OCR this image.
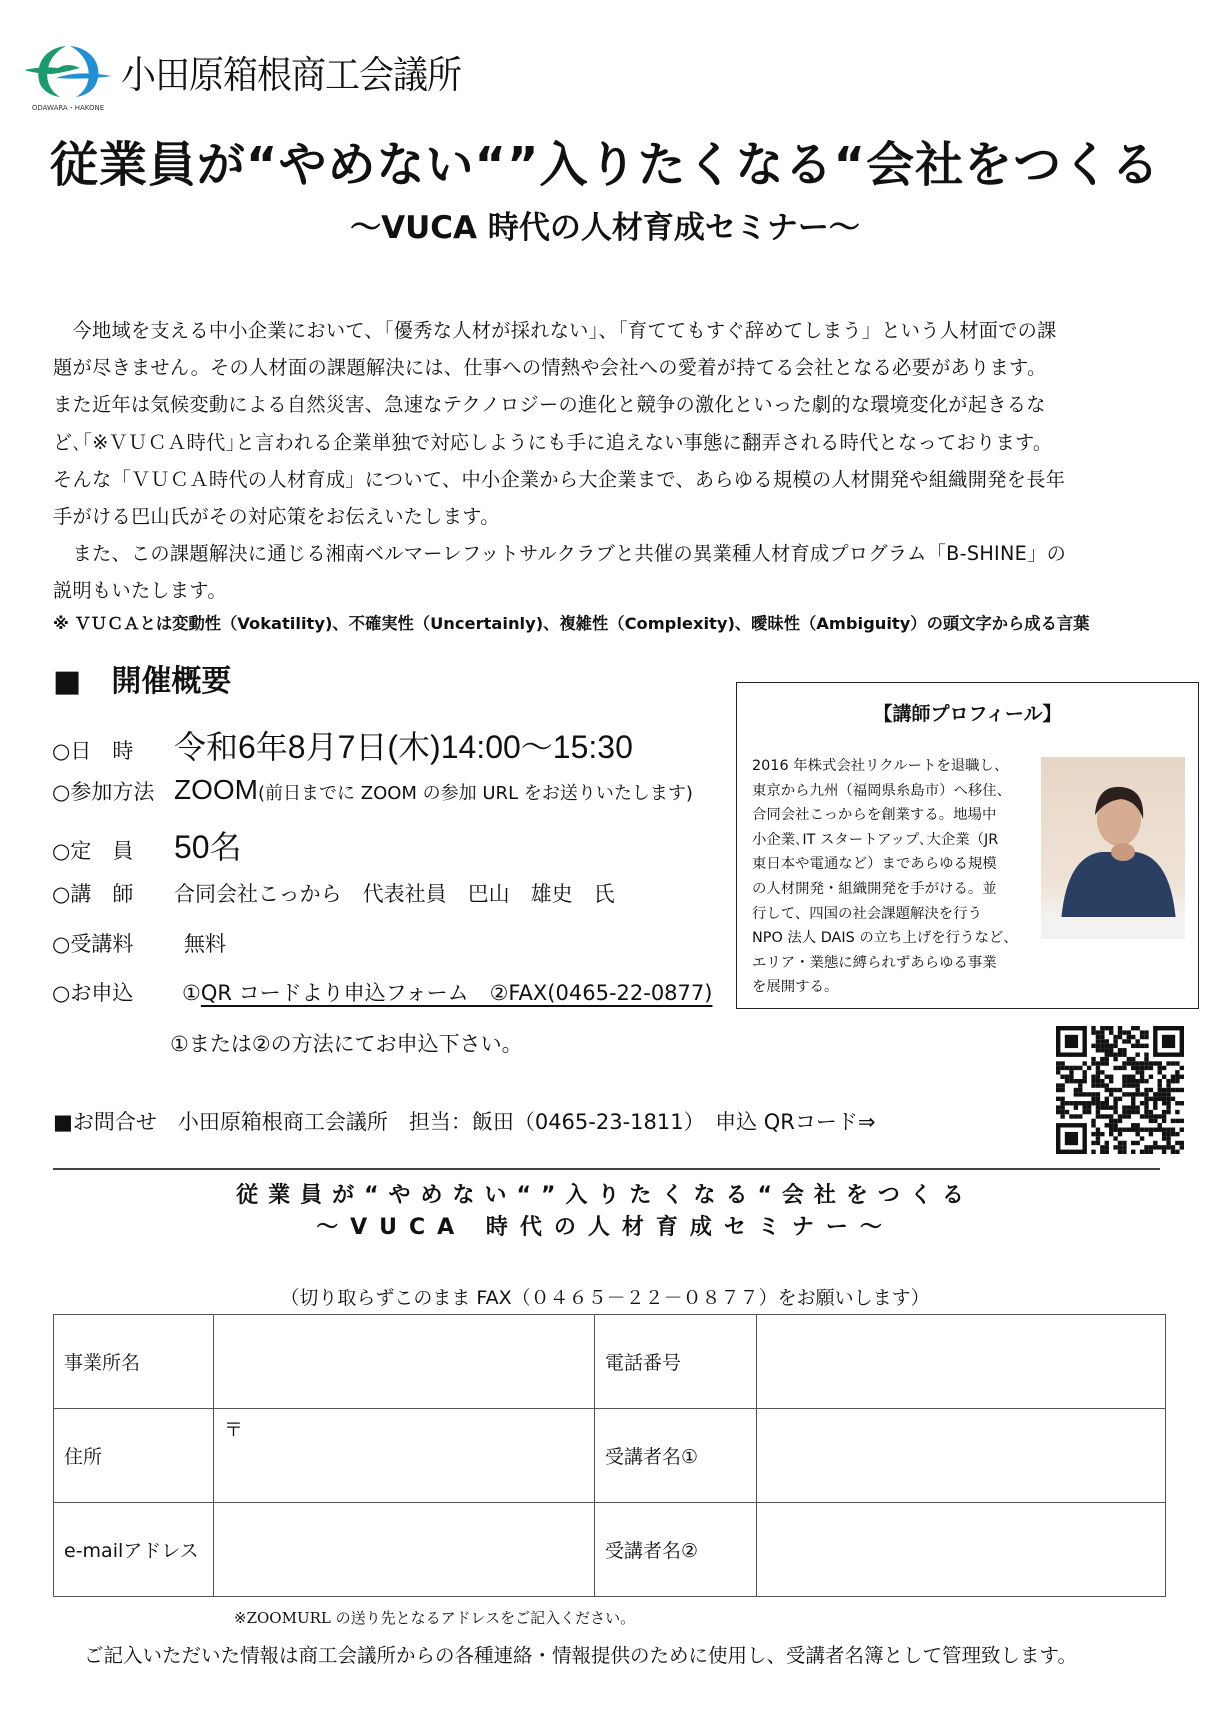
ODAWARA・HAKONE
小田原箱根商工会議所
従業員が“やめない“”入りたくなる“会社をつくる
～VUCA 時代の人材育成セミナー～

　今地域を支える中小企業において、「優秀な人材が採れない」、「育ててもすぐ辞めてしまう」という人材面での課

題が尽きません。その人材面の課題解決には、仕事への情熱や会社への愛着が持てる会社となる必要があります。

また近年は気候変動による自然災害、急速なテクノロジーの進化と競争の激化といった劇的な環境変化が起きるな

ど､｢※ＶＵＣＡ時代｣と言われる企業単独で対応しようにも手に追えない事態に翻弄される時代となっております。

そんな「ＶＵＣＡ時代の人材育成」について、中小企業から大企業まで、あらゆる規模の人材開発や組織開発を長年

手がける巴山氏がその対応策をお伝えいたします。

　また、この課題解決に通じる湘南ベルマーレフットサルクラブと共催の異業種人材育成プログラム「B-SHINE」の

説明もいたします。

※ ＶＵＣＡとは変動性（Vokatility)、不確実性（Uncertainly)、複雑性（Complexity)、曖昧性（Ambiguity）の頭文字から成る言葉
■　開催概要
○日　時	令和6年8月7日(木)14:00～15:30
○参加方法 ZOOM (前日までに ZOOM の参加 URL をお送りいたします)
○定　員	50名
○講　師	合同会社こっから　代表社員　巴山　雄史　氏
○受講料	無料
○お申込	① QR コードより申込フォーム　②FAX(0465-22-0877)
①または②の方法にてお申込下さい。
【講師プロフィール】
2016 年株式会社リクルートを退職し、
東京から九州（福岡県糸島市）へ移住、
合同会社こっからを創業する。地場中
小企業､IT スタートアップ､大企業（JR
東日本や電通など）まであらゆる規模
の人材開発・組織開発を手がける。並
行して、四国の社会課題解決を行う
NPO 法人 DAIS の立ち上げを行うなど、
エリア・業態に縛られずあらゆる事業
を展開する。
■お問合せ　小田原箱根商工会議所　担当：飯田（0465-23-1811）　申込 QRコード⇒
従業員が“やめない“”入りたくなる“会社をつくる
～VUCA 時代の人材育成セミナー～
（切り取らずこのまま FAX（０４６５－２２－０８７７）をお願いします）
事業所名		電話番号	
住所	〒	受講者名①	
e-mailアドレス		受講者名②	
※ZOOMURL の送り先となるアドレスをご記入ください。
ご記入いただいた情報は商工会議所からの各種連絡・情報提供のために使用し、受講者名簿として管理致します。
